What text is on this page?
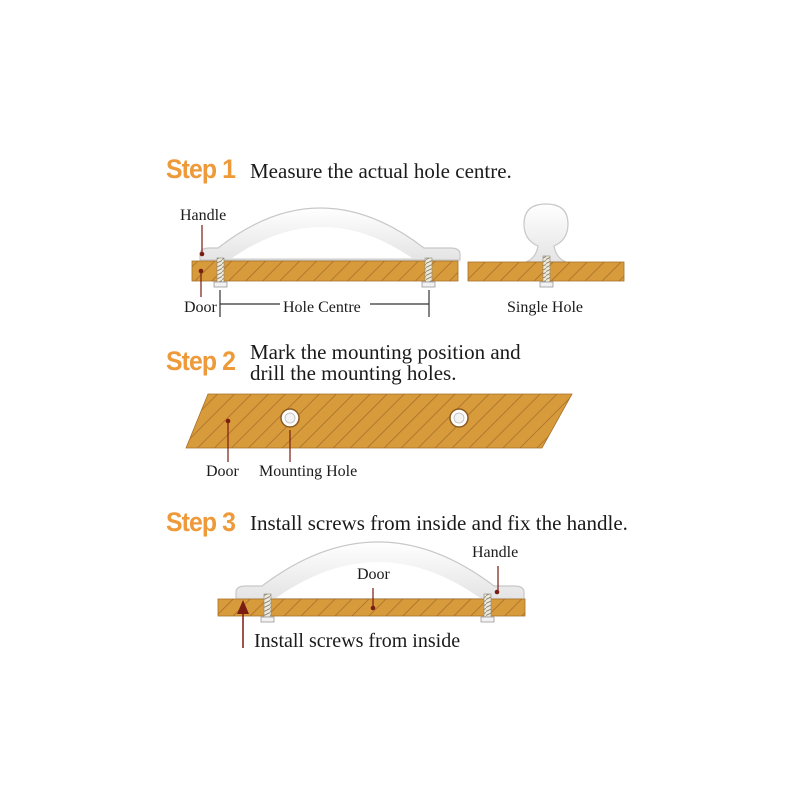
Step 1 Measure the actual hole centre.
Handle
Door	Hole Centre	Single Hole
Step 2 Mark the mounting position and
drill the mounting holes.
Door Mounting Hole
Step 3 Install screws from inside and fix the handle.
Handle
Door
Install screws from inside
